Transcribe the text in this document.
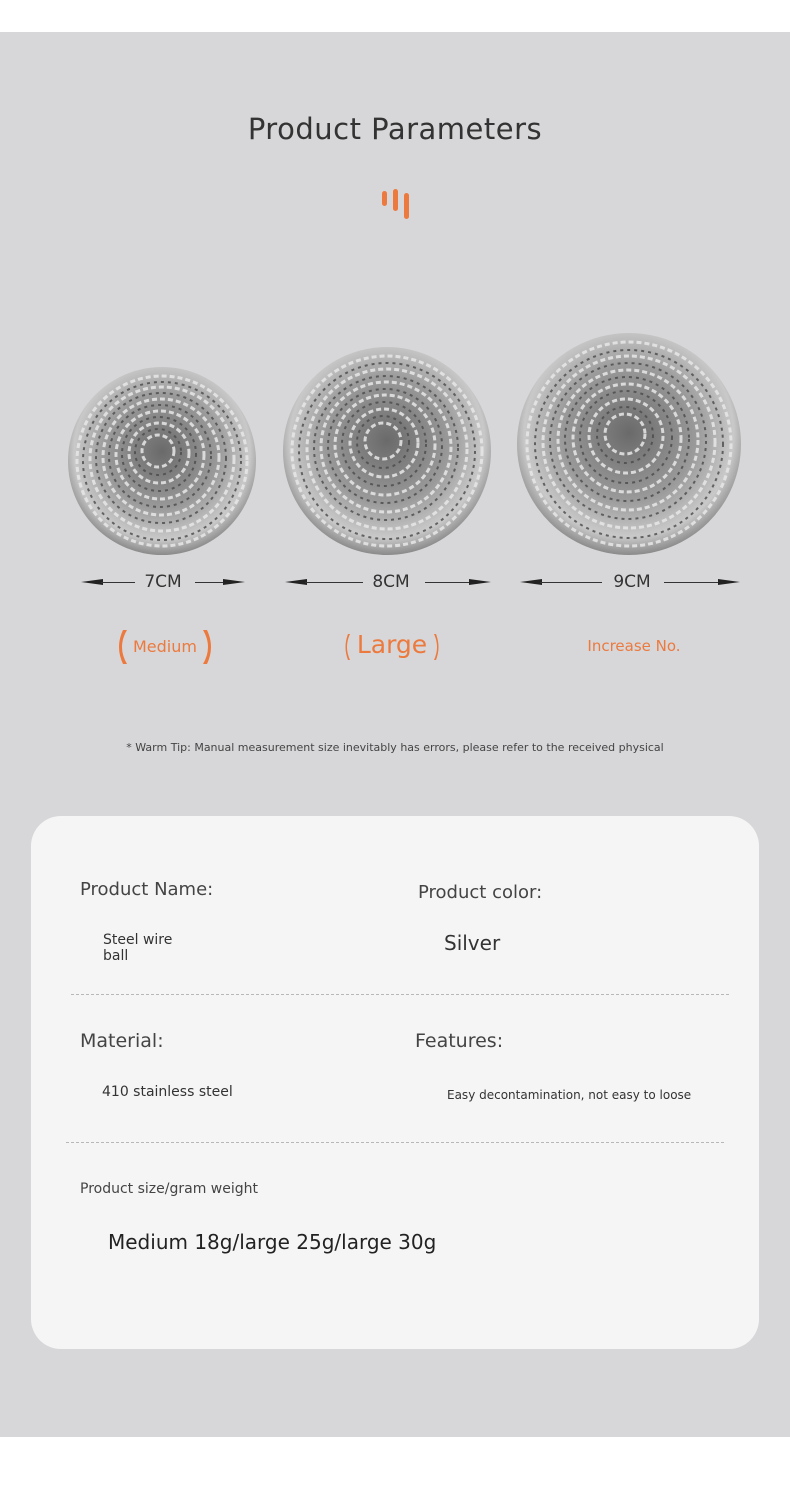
Product Parameters
7CM	8CM	9CM
Medium	Large	Increase No.
* Warm Tip: Manual measurement size inevitably has errors, please refer to the received physical
Product Name:
Steel wire
ball
Product color:
Silver
Material:
410 stainless steel
Features:
Easy decontamination, not easy to loose
Product size/gram weight
Medium 18g/large 25g/large 30g
